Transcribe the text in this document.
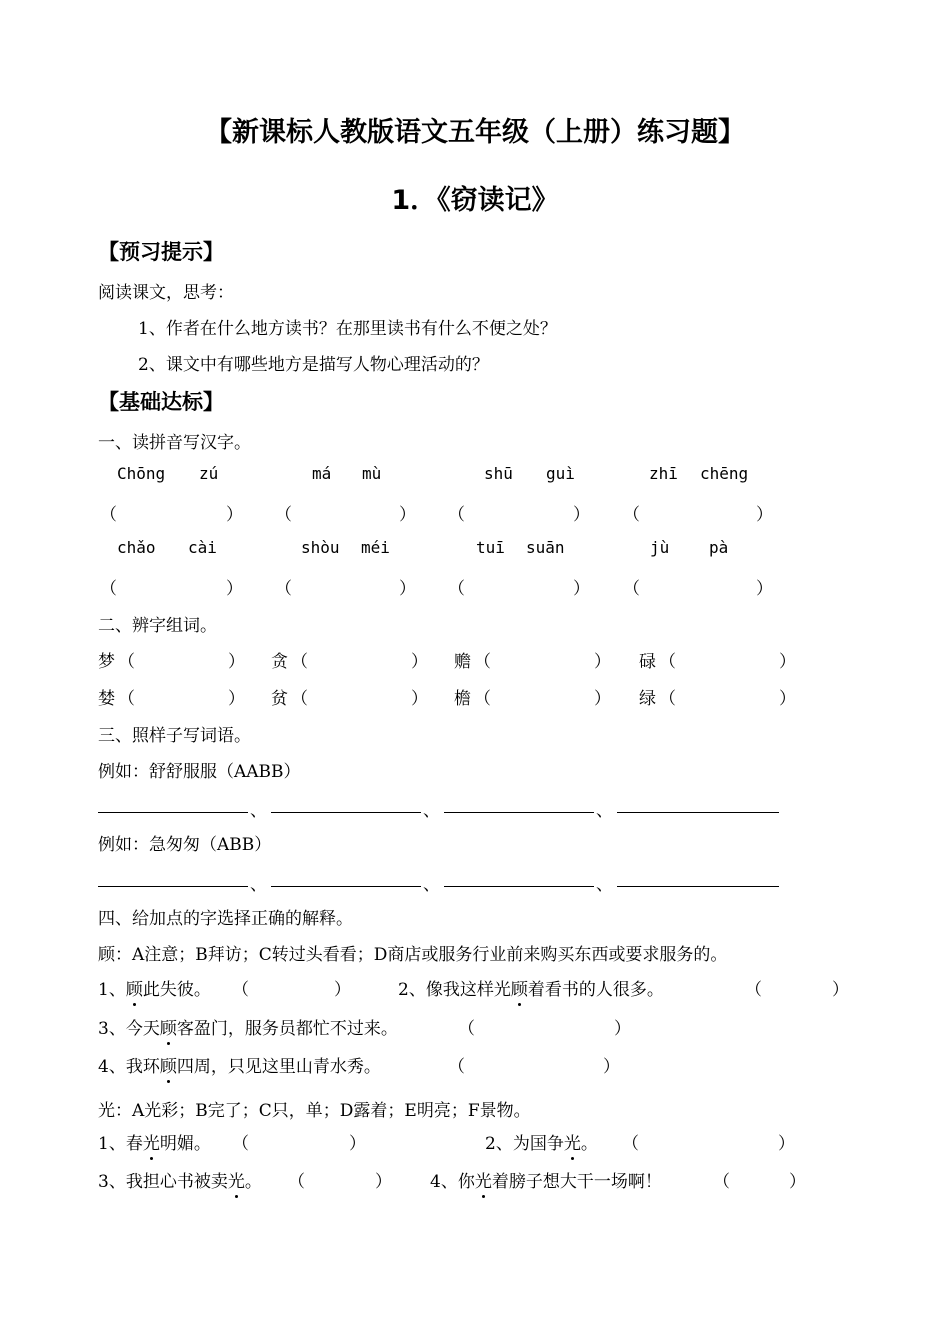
【新课标人教版语文五年级（上册）练习题】
1．《窃读记》
【预习提示】
阅读课文，思考：
1、作者在什么地方读书？在那里读书有什么不便之处？
2、课文中有哪些地方是描写人物心理活动的？
【基础达标】
一、读拼音写汉字。
Chōng zú	má mù	shū guì	zhī chēng
（	） （	） （	） （	）
chǎo cài	shòu méi	tuī suān	jù pà
（	） （	） （	） （	）
二、辨字组词。
梦 （	） 贪 （	） 赡 （	） 碌 （	）
婪 （	） 贫 （	） 檐 （	） 绿 （	）
三、照样子写词语。
例如：舒舒服服（AABB）
、	、	、
例如：急匆匆（ABB）
、	、	、
四、给加点的字选择正确的解释。
顾：A注意；B拜访；C转过头看看；D商店或服务行业前来购买东西或要求服务的。
1、顾此失彼。 （	）	2、像我这样光顾着看书的人很多。	（	）
3、今天顾客盈门，服务员都忙不过来。	（	）
4、我环顾四周，只见这里山青水秀。	（	）
光：A光彩；B完了；C只，单；D露着；E明亮；F景物。
1、春光明媚。 （	）	2、为国争光。 （	）
3、我担心书被卖光。 （	） 4、你光着膀子想大干一场啊！	（	）
